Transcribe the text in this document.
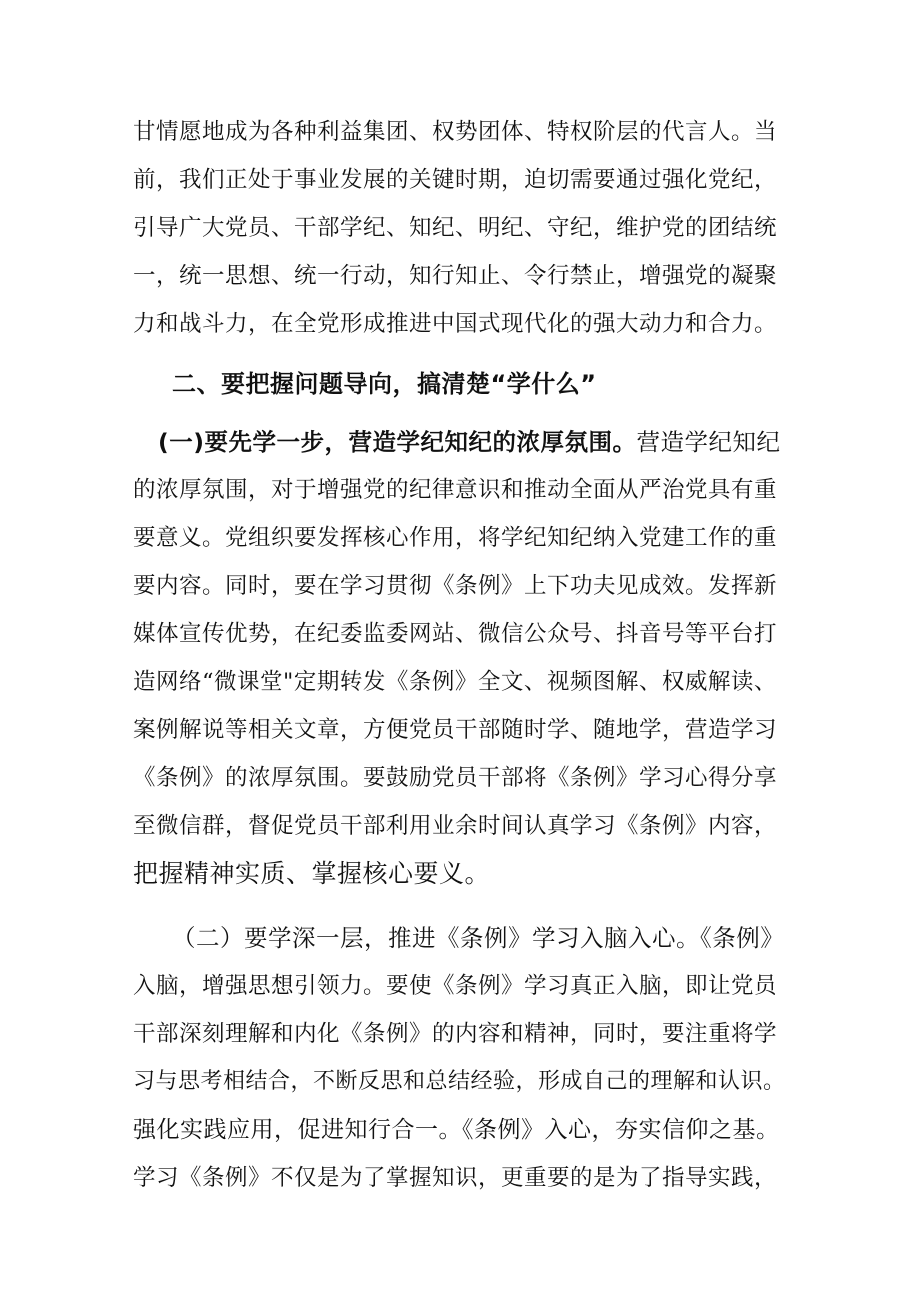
甘情愿地成为各种利益集团、权势团体、特权阶层的代言人。当
前，我们正处于事业发展的关键时期，迫切需要通过强化党纪，
引导广大党员、干部学纪、知纪、明纪、守纪，维护党的团结统
一，统一思想、统一行动，知行知止、令行禁止，增强党的凝聚
力和战斗力，在全党形成推进中国式现代化的强大动力和合力。
二、要把握问题导向，搞清楚“学什么”
(一)要先学一步，营造学纪知纪的浓厚氛围。营造学纪知纪
的浓厚氛围，对于增强党的纪律意识和推动全面从严治党具有重
要意义。党组织要发挥核心作用，将学纪知纪纳入党建工作的重
要内容。同时，要在学习贯彻《条例》上下功夫见成效。发挥新
媒体宣传优势，在纪委监委网站、微信公众号、抖音号等平台打
造网络“微课堂"定期转发《条例》全文、视频图解、权威解读、
案例解说等相关文章，方便党员干部随时学、随地学，营造学习
《条例》的浓厚氛围。要鼓励党员干部将《条例》学习心得分享
至微信群，督促党员干部利用业余时间认真学习《条例》内容，
把握精神实质、掌握核心要义。
（二）要学深一层，推进《条例》学习入脑入心。《条例》
入脑，增强思想引领力。要使《条例》学习真正入脑，即让党员
干部深刻理解和内化《条例》的内容和精神，同时，要注重将学
习与思考相结合，不断反思和总结经验，形成自己的理解和认识。
强化实践应用，促进知行合一。《条例》入心，夯实信仰之基。
学习《条例》不仅是为了掌握知识，更重要的是为了指导实践，
